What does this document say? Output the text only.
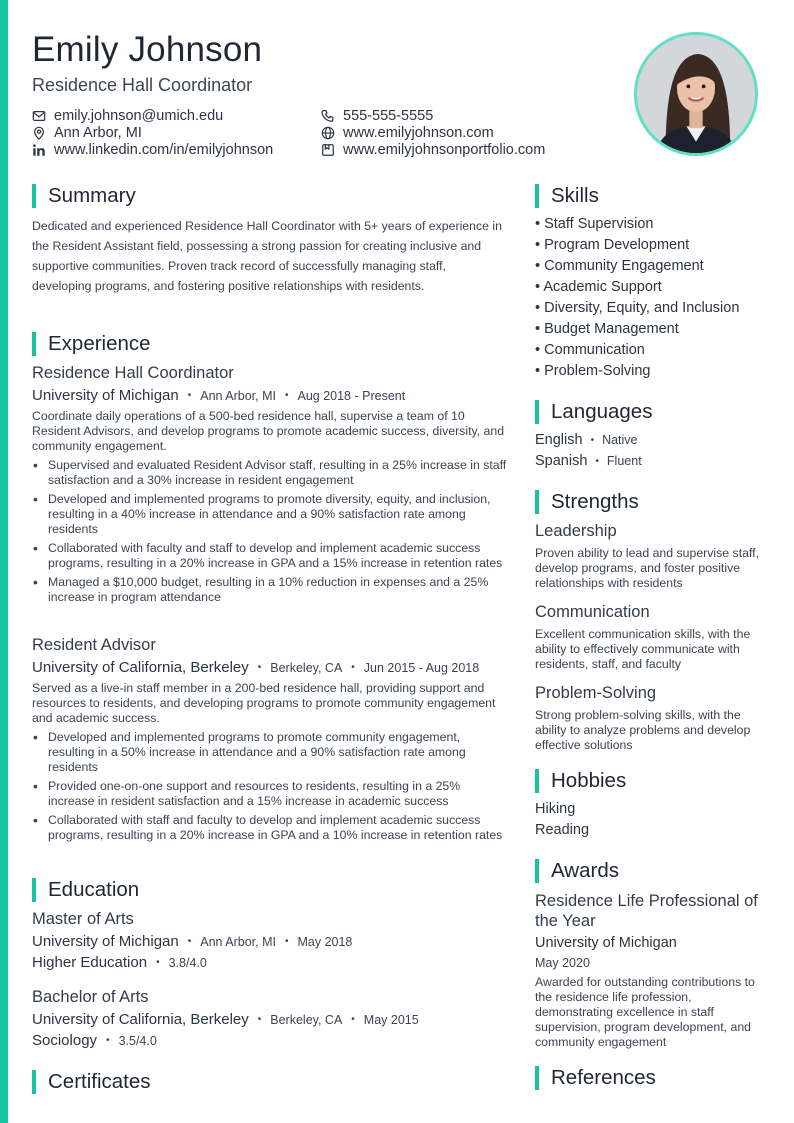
Emily Johnson
Residence Hall Coordinator
emily.johnson@umich.edu
Ann Arbor, MI
www.linkedin.com/in/emilyjohnson
555-555-5555
www.emilyjohnson.com
www.emilyjohnsonportfolio.com
Summary
Dedicated and experienced Residence Hall Coordinator with 5+ years of experience in the Resident Assistant field, possessing a strong passion for creating inclusive and supportive communities. Proven track record of successfully managing staff, developing programs, and fostering positive relationships with residents.
Experience
Residence Hall Coordinator
University of Michigan • Ann Arbor, MI • Aug 2018 - Present
Coordinate daily operations of a 500-bed residence hall, supervise a team of 10 Resident Advisors, and develop programs to promote academic success, diversity, and community engagement.
• Supervised and evaluated Resident Advisor staff, resulting in a 25% increase in staff satisfaction and a 30% increase in resident engagement
• Developed and implemented programs to promote diversity, equity, and inclusion, resulting in a 40% increase in attendance and a 90% satisfaction rate among residents
• Collaborated with faculty and staff to develop and implement academic success programs, resulting in a 20% increase in GPA and a 15% increase in retention rates
• Managed a $10,000 budget, resulting in a 10% reduction in expenses and a 25% increase in program attendance
Resident Advisor
University of California, Berkeley • Berkeley, CA • Jun 2015 - Aug 2018
Served as a live-in staff member in a 200-bed residence hall, providing support and resources to residents, and developing programs to promote community engagement and academic success.
• Developed and implemented programs to promote community engagement, resulting in a 50% increase in attendance and a 90% satisfaction rate among residents
• Provided one-on-one support and resources to residents, resulting in a 25% increase in resident satisfaction and a 15% increase in academic success
• Collaborated with staff and faculty to develop and implement academic success programs, resulting in a 20% increase in GPA and a 10% increase in retention rates
Education
Master of Arts
University of Michigan • Ann Arbor, MI • May 2018
Higher Education • 3.8/4.0
Bachelor of Arts
University of California, Berkeley • Berkeley, CA • May 2015
Sociology • 3.5/4.0
Certificates
Skills
• Staff Supervision
• Program Development
• Community Engagement
• Academic Support
• Diversity, Equity, and Inclusion
• Budget Management
• Communication
• Problem-Solving
Languages
English • Native
Spanish • Fluent
Strengths
Leadership
Proven ability to lead and supervise staff, develop programs, and foster positive relationships with residents
Communication
Excellent communication skills, with the ability to effectively communicate with residents, staff, and faculty
Problem-Solving
Strong problem-solving skills, with the ability to analyze problems and develop effective solutions
Hobbies
Hiking
Reading
Awards
Residence Life Professional of the Year
University of Michigan
May 2020
Awarded for outstanding contributions to the residence life profession, demonstrating excellence in staff supervision, program development, and community engagement
References
